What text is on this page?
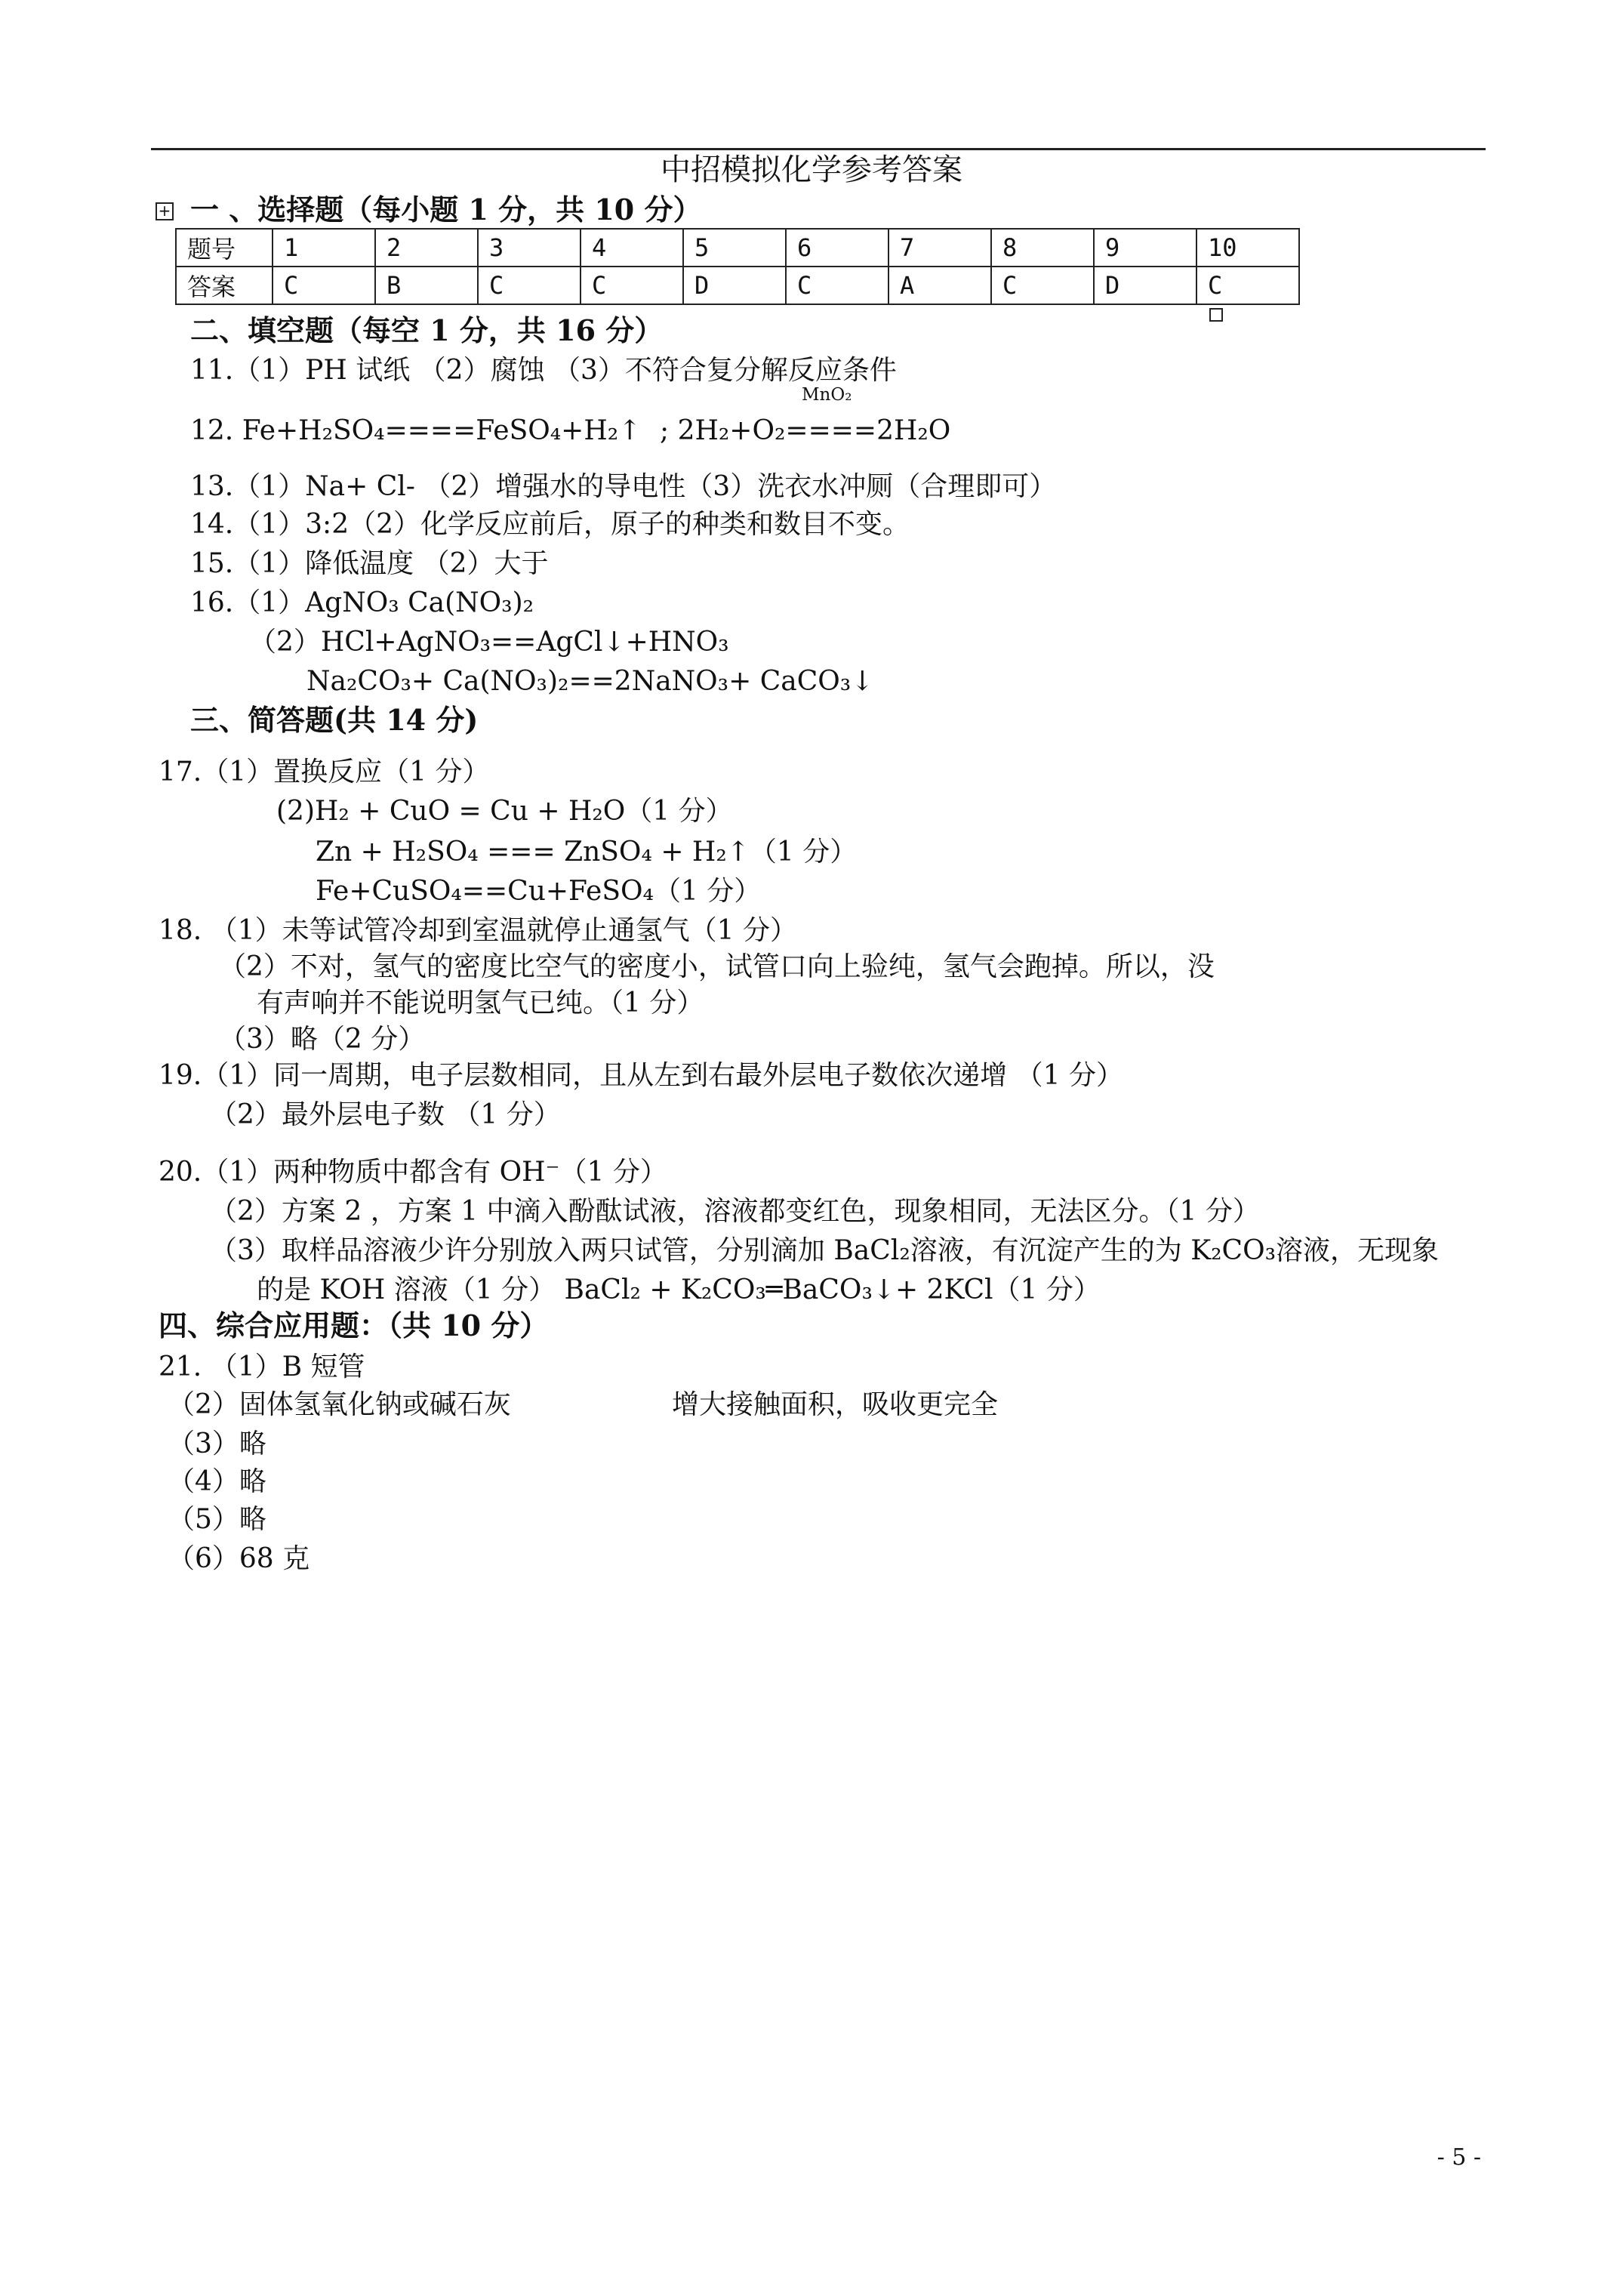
中招模拟化学参考答案
+ 一 、选择题（每小题 1 分，共 10 分）
题号	1	2	3	4	5	6	7	8	9	10
答案	C	B	C	C	D	C	A	C	D	C
二、填空题（每空 1 分，共 16 分）
11.（1）PH 试纸 （2）腐蚀 （3）不符合复分解反应条件
MnO₂
12. Fe+H₂SO₄====FeSO₄+H₂↑ ; 2H₂+O₂====2H₂O
13.（1）Na+ Cl- （2）增强水的导电性（3）洗衣水冲厕（合理即可）
14.（1）3:2（2）化学反应前后，原子的种类和数目不变。
15.（1）降低温度 （2）大于
16.（1）AgNO₃ Ca(NO₃)₂
（2）HCl+AgNO₃==AgCl↓+HNO₃
Na₂CO₃+ Ca(NO₃)₂==2NaNO₃+ CaCO₃↓
三、简答题(共 14 分)
17.（1）置换反应（1 分）
(2)H₂ + CuO = Cu + H₂O（1 分）
Zn + H₂SO₄ === ZnSO₄ + H₂↑（1 分）
Fe+CuSO₄==Cu+FeSO₄（1 分）
18. （1）未等试管冷却到室温就停止通氢气（1 分）
（2）不对，氢气的密度比空气的密度小，试管口向上验纯，氢气会跑掉。所以，没
有声响并不能说明氢气已纯。（1 分）
（3）略（2 分）
19.（1）同一周期，电子层数相同，且从左到右最外层电子数依次递增 （1 分）
（2）最外层电子数 （1 分）
20.（1）两种物质中都含有 OH⁻（1 分）
（2）方案 2 ，方案 1 中滴入酚酞试液，溶液都变红色，现象相同，无法区分。（1 分）
（3）取样品溶液少许分别放入两只试管，分别滴加 BaCl₂溶液，有沉淀产生的为 K₂CO₃溶液，无现象
的是 KOH 溶液（1 分） BaCl₂ + K₂CO₃═BaCO₃↓+ 2KCl（1 分）
四、综合应用题：（共 10 分）
21. （1）B 短管
（2）固体氢氧化钠或碱石灰	增大接触面积，吸收更完全
（3）略
（4）略
（5）略
（6）68 克
- 5 -
